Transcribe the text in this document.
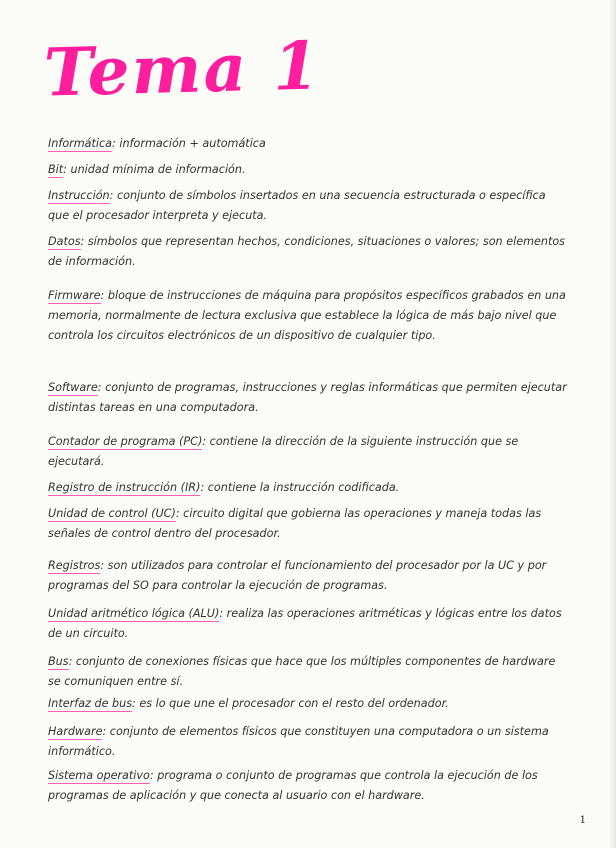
Tema 1
Informática: información + automática
Bit: unidad mínima de información.
Instrucción: conjunto de símbolos insertados en una secuencia estructurada o específica que el procesador interpreta y ejecuta.
Datos: símbolos que representan hechos, condiciones, situaciones o valores; son elementos de información.
Firmware: bloque de instrucciones de máquina para propósitos específicos grabados en una memoria, normalmente de lectura exclusiva que establece la lógica de más bajo nivel que controla los circuitos electrónicos de un dispositivo de cualquier tipo.
Software: conjunto de programas, instrucciones y reglas informáticas que permiten ejecutar distintas tareas en una computadora.
Contador de programa (PC): contiene la dirección de la siguiente instrucción que se ejecutará.
Registro de instrucción (IR): contiene la instrucción codificada.
Unidad de control (UC): circuito digital que gobierna las operaciones y maneja todas las señales de control dentro del procesador.
Registros: son utilizados para controlar el funcionamiento del procesador por la UC y por programas del SO para controlar la ejecución de programas.
Unidad aritmético lógica (ALU): realiza las operaciones aritméticas y lógicas entre los datos de un circuito.
Bus: conjunto de conexiones físicas que hace que los múltiples componentes de hardware se comuniquen entre sí.
Interfaz de bus: es lo que une el procesador con el resto del ordenador.
Hardware: conjunto de elementos físicos que constituyen una computadora o un sistema informático.
Sistema operativo: programa o conjunto de programas que controla la ejecución de los programas de aplicación y que conecta al usuario con el hardware.
1
